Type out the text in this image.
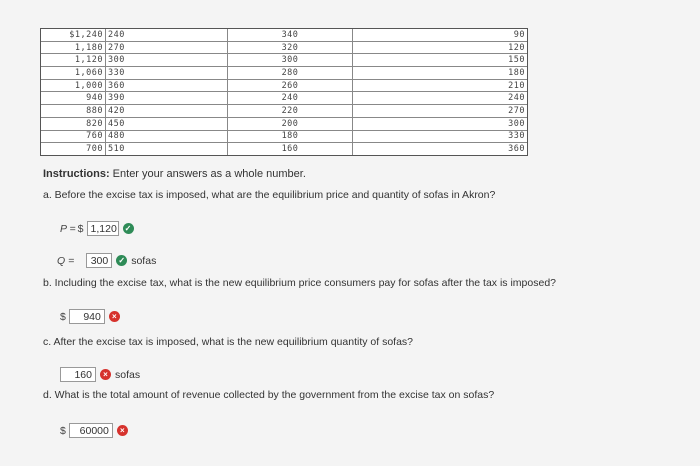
$1,240	240	340	90
1,180	270	320	120
1,120	300	300	150
1,060	330	280	180
1,000	360	260	210
940	390	240	240
880	420	220	270
820	450	200	300
760	480	180	330
700	510	160	360
Instructions: Enter your answers as a whole number.
a. Before the excise tax is imposed, what are the equilibrium price and quantity of sofas in Akron?
P = $ 1,120 ✓
Q =	300	✓ sofas
b. Including the excise tax, what is the new equilibrium price consumers pay for sofas after the tax is imposed?
$	940	×
c. After the excise tax is imposed, what is the new equilibrium quantity of sofas?
160	× sofas
d. What is the total amount of revenue collected by the government from the excise tax on sofas?
$	60000	×
